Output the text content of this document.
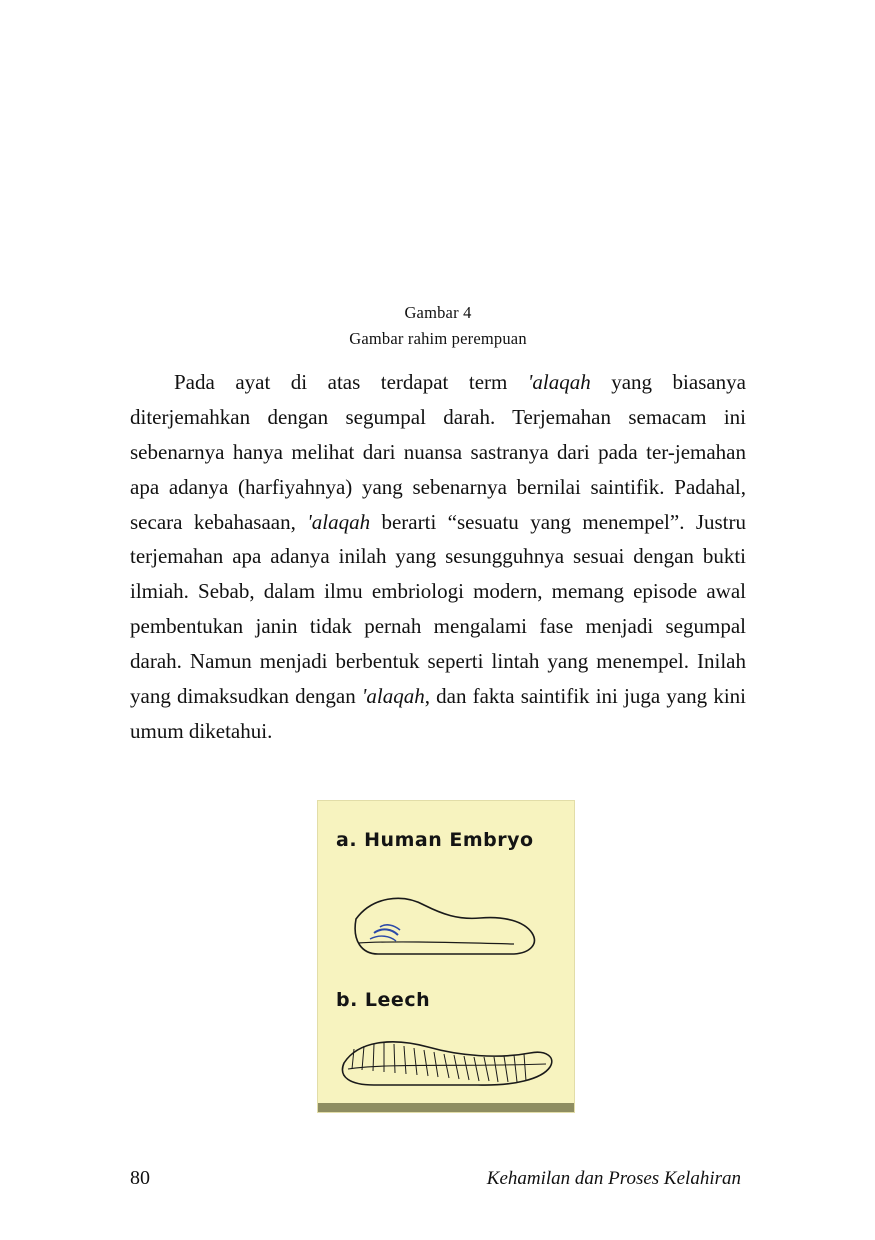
Gambar 4
Gambar rahim perempuan

Pada ayat di atas terdapat term 'alaqah yang biasanya diterjemahkan dengan segumpal darah. Terjemahan semacam ini sebenarnya hanya melihat dari nuansa sastranya dari pada ter-jemahan apa adanya (harfiyahnya) yang sebenarnya bernilai saintifik. Padahal, secara kebahasaan, 'alaqah berarti “sesuatu yang menempel”. Justru terjemahan apa adanya inilah yang sesungguhnya sesuai dengan bukti ilmiah. Sebab, dalam ilmu embriologi modern, memang episode awal pembentukan janin tidak pernah mengalami fase menjadi segumpal darah. Namun menjadi berbentuk seperti lintah yang menempel. Inilah yang dimaksudkan dengan 'alaqah, dan fakta saintifik ini juga yang kini umum diketahui.

a. Human Embryo
b. Leech
80	Kehamilan dan Proses Kelahiran
